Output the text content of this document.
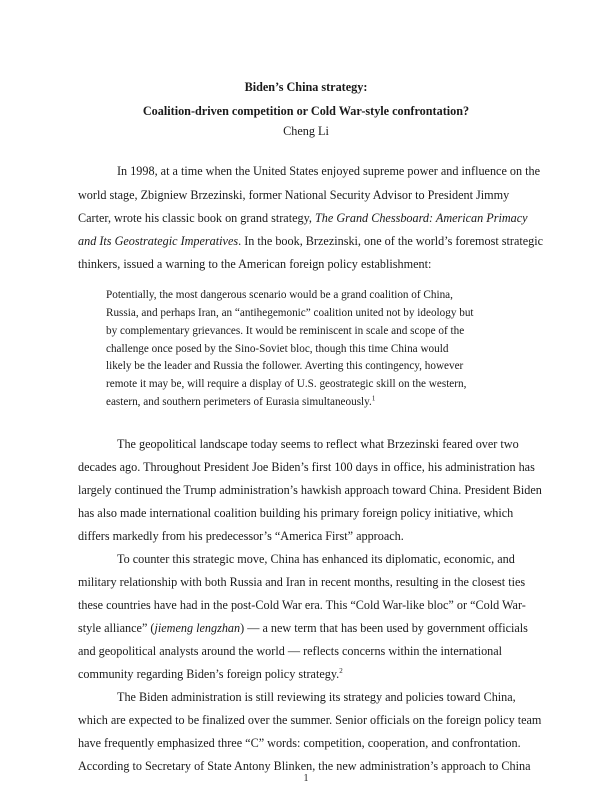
Biden’s China strategy:
Coalition-driven competition or Cold War-style confrontation?
Cheng Li
In 1998, at a time when the United States enjoyed supreme power and influence on the
world stage, Zbigniew Brzezinski, former National Security Advisor to President Jimmy
Carter, wrote his classic book on grand strategy, The Grand Chessboard: American Primacy
and Its Geostrategic Imperatives. In the book, Brzezinski, one of the world’s foremost strategic
thinkers, issued a warning to the American foreign policy establishment:
Potentially, the most dangerous scenario would be a grand coalition of China,
Russia, and perhaps Iran, an “antihegemonic” coalition united not by ideology but
by complementary grievances. It would be reminiscent in scale and scope of the
challenge once posed by the Sino-Soviet bloc, though this time China would
likely be the leader and Russia the follower. Averting this contingency, however
remote it may be, will require a display of U.S. geostrategic skill on the western,
eastern, and southern perimeters of Eurasia simultaneously.$^1$
The geopolitical landscape today seems to reflect what Brzezinski feared over two
decades ago. Throughout President Joe Biden’s first 100 days in office, his administration has
largely continued the Trump administration’s hawkish approach toward China. President Biden
has also made international coalition building his primary foreign policy initiative, which
differs markedly from his predecessor’s “America First” approach.
To counter this strategic move, China has enhanced its diplomatic, economic, and
military relationship with both Russia and Iran in recent months, resulting in the closest ties
these countries have had in the post-Cold War era. This “Cold War-like bloc” or “Cold War-
style alliance” (jiemeng lengzhan) — a new term that has been used by government officials
and geopolitical analysts around the world — reflects concerns within the international
community regarding Biden’s foreign policy strategy.$^2$
The Biden administration is still reviewing its strategy and policies toward China,
which are expected to be finalized over the summer. Senior officials on the foreign policy team
have frequently emphasized three “C” words: competition, cooperation, and confrontation.
According to Secretary of State Antony Blinken, the new administration’s approach to China
1
